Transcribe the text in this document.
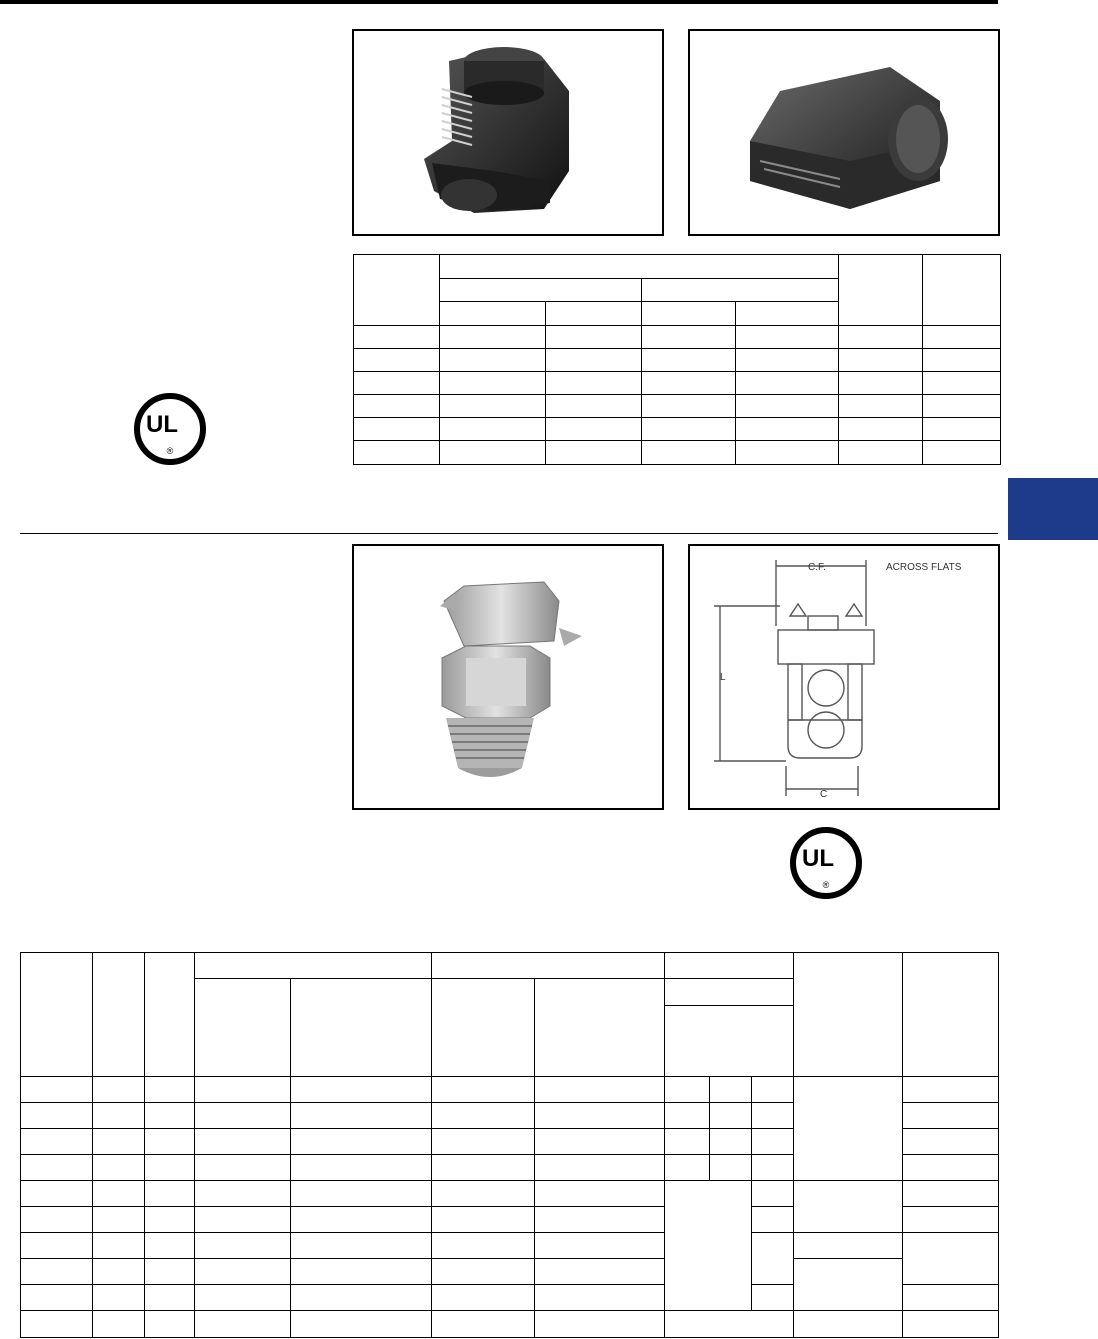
UL
®

C.F.	ACROSS FLATS
L
C
UL
®
